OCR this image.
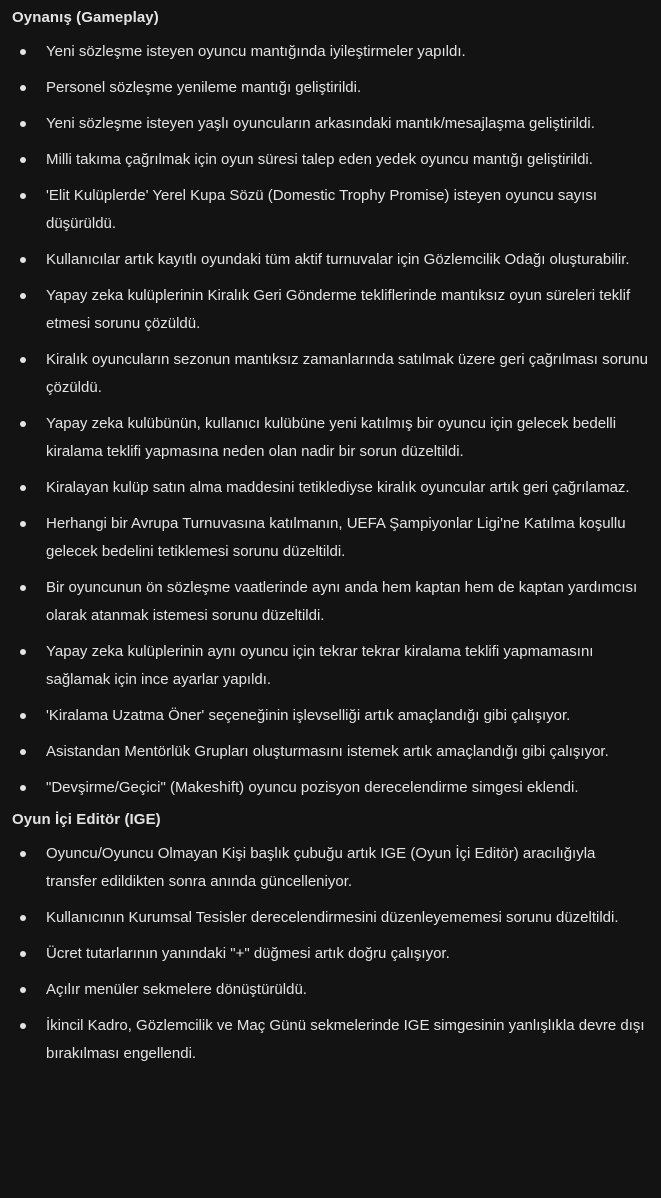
Oynanış (Gameplay)
Yeni sözleşme isteyen oyuncu mantığında iyileştirmeler yapıldı.
Personel sözleşme yenileme mantığı geliştirildi.
Yeni sözleşme isteyen yaşlı oyuncuların arkasındaki mantık/mesajlaşma geliştirildi.
Milli takıma çağrılmak için oyun süresi talep eden yedek oyuncu mantığı geliştirildi.
'Elit Kulüplerde' Yerel Kupa Sözü (Domestic Trophy Promise) isteyen oyuncu sayısı düşürüldü.
Kullanıcılar artık kayıtlı oyundaki tüm aktif turnuvalar için Gözlemcilik Odağı oluşturabilir.
Yapay zeka kulüplerinin Kiralık Geri Gönderme tekliflerinde mantıksız oyun süreleri teklif etmesi sorunu çözüldü.
Kiralık oyuncuların sezonun mantıksız zamanlarında satılmak üzere geri çağrılması sorunu çözüldü.
Yapay zeka kulübünün, kullanıcı kulübüne yeni katılmış bir oyuncu için gelecek bedelli kiralama teklifi yapmasına neden olan nadir bir sorun düzeltildi.
Kiralayan kulüp satın alma maddesini tetiklediyse kiralık oyuncular artık geri çağrılamaz.
Herhangi bir Avrupa Turnuvasına katılmanın, UEFA Şampiyonlar Ligi'ne Katılma koşullu gelecek bedelini tetiklemesi sorunu düzeltildi.
Bir oyuncunun ön sözleşme vaatlerinde aynı anda hem kaptan hem de kaptan yardımcısı olarak atanmak istemesi sorunu düzeltildi.
Yapay zeka kulüplerinin aynı oyuncu için tekrar tekrar kiralama teklifi yapmamasını sağlamak için ince ayarlar yapıldı.
'Kiralama Uzatma Öner' seçeneğinin işlevselliği artık amaçlandığı gibi çalışıyor.
Asistandan Mentörlük Grupları oluşturmasını istemek artık amaçlandığı gibi çalışıyor.
"Devşirme/Geçici" (Makeshift) oyuncu pozisyon derecelendirme simgesi eklendi.
Oyun İçi Editör (IGE)
Oyuncu/Oyuncu Olmayan Kişi başlık çubuğu artık IGE (Oyun İçi Editör) aracılığıyla transfer edildikten sonra anında güncelleniyor.
Kullanıcının Kurumsal Tesisler derecelendirmesini düzenleyememesi sorunu düzeltildi.
Ücret tutarlarının yanındaki "+" düğmesi artık doğru çalışıyor.
Açılır menüler sekmelere dönüştürüldü.
İkincil Kadro, Gözlemcilik ve Maç Günü sekmelerinde IGE simgesinin yanlışlıkla devre dışı bırakılması engellendi.
